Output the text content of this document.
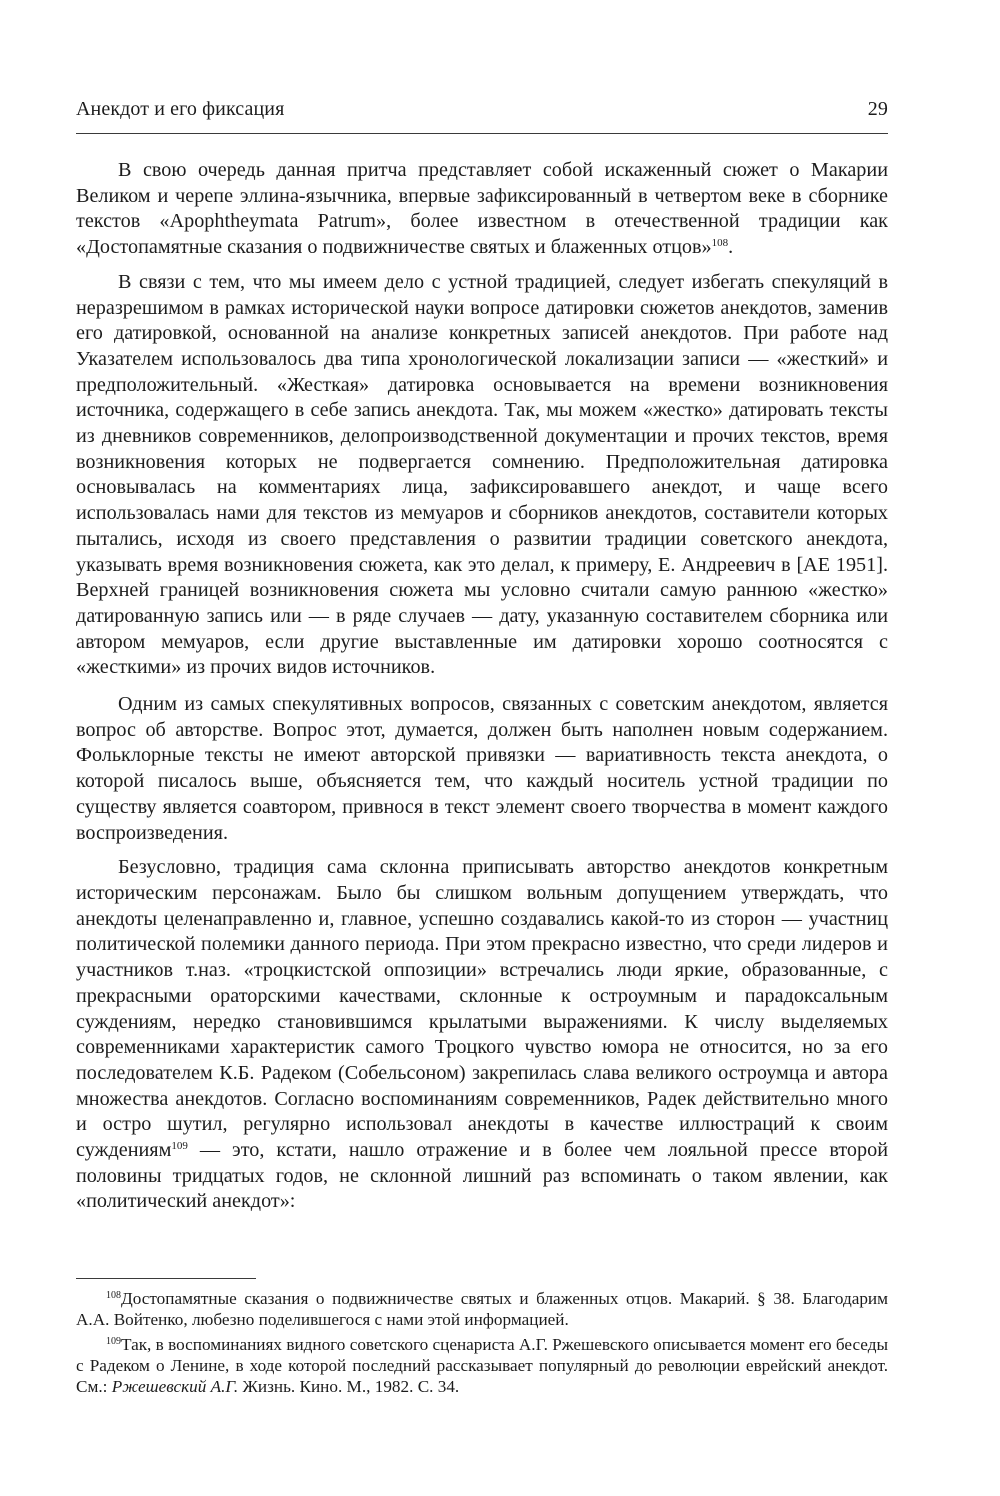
Анекдот и его фиксация	29

В свою очередь данная притча представляет собой искаженный сюжет о Макарии Великом и черепе эллина-язычника, впервые зафиксированный в четвертом веке в сборнике текстов «Apophtheymata Patrum», более известном в отечественной традиции как «Достопамятные сказания о подвижничестве святых и блаженных отцов»$^{108}$.

В связи с тем, что мы имеем дело с устной традицией, следует избегать спекуляций в неразрешимом в рамках исторической науки вопросе датировки сюжетов анекдотов, заменив его датировкой, основанной на анализе конкретных записей анекдотов. При работе над Указателем использовалось два типа хронологической локализации записи — «жесткий» и предположительный. «Жесткая» датировка основывается на времени возникновения источника, содержащего в себе запись анекдота. Так, мы можем «жестко» датировать тексты из дневников современников, делопроизводственной документации и прочих текстов, время возникновения которых не подвергается сомнению. Предположительная датировка основывалась на комментариях лица, зафиксировавшего анекдот, и чаще всего использовалась нами для текстов из мемуаров и сборников анекдотов, составители которых пытались, исходя из своего представления о развитии традиции советского анекдота, указывать время возникновения сюжета, как это делал, к примеру, Е. Андреевич в [AE 1951]. Верхней границей возникновения сюжета мы условно считали самую раннюю «жестко» датированную запись или — в ряде случаев — дату, указанную составителем сборника или автором мемуаров, если другие выставленные им датировки хорошо соотносятся с «жесткими» из прочих видов источников.

Одним из самых спекулятивных вопросов, связанных с советским анекдотом, является вопрос об авторстве. Вопрос этот, думается, должен быть наполнен новым содержанием. Фольклорные тексты не имеют авторской привязки — вариативность текста анекдота, о которой писалось выше, объясняется тем, что каждый носитель устной традиции по существу является соавтором, привнося в текст элемент своего творчества в момент каждого воспроизведения.

Безусловно, традиция сама склонна приписывать авторство анекдотов конкретным историческим персонажам. Было бы слишком вольным допущением утверждать, что анекдоты целенаправленно и, главное, успешно создавались какой-то из сторон — участниц политической полемики данного периода. При этом прекрасно известно, что среди лидеров и участников т.наз. «троцкистской оппозиции» встречались люди яркие, образованные, с прекрасными ораторскими качествами, склонные к остроумным и парадоксальным суждениям, нередко становившимся крылатыми выражениями. К числу выделяемых современниками характеристик самого Троцкого чувство юмора не относится, но за его последователем К.Б. Радеком (Собельсоном) закрепилась слава великого остроумца и автора множества анекдотов. Согласно воспоминаниям современников, Радек действительно много и остро шутил, регулярно использовал анекдоты в качестве иллюстраций к своим суждениям$^{109}$ — это, кстати, нашло отражение и в более чем лояльной прессе второй половины тридцатых годов, не склонной лишний раз вспоминать о таком явлении, как «политический анекдот»:

$^{108}$Достопамятные сказания о подвижничестве святых и блаженных отцов. Макарий. § 38. Благодарим А.А. Войтенко, любезно поделившегося с нами этой информацией.

$^{109}$Так, в воспоминаниях видного советского сценариста А.Г. Ржешевского описывается момент его беседы с Радеком о Ленине, в ходе которой последний рассказывает популярный до революции еврейский анекдот. См.: Ржешевский А.Г. Жизнь. Кино. М., 1982. С. 34.
